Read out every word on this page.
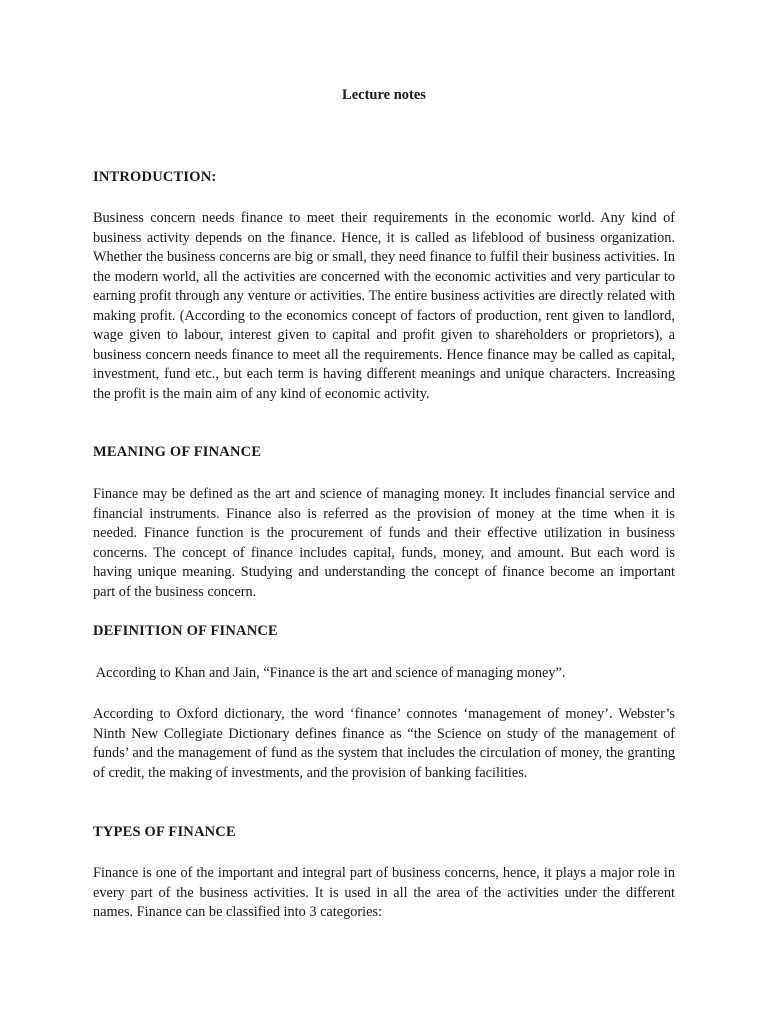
Lecture notes
INTRODUCTION:

Business concern needs finance to meet their requirements in the economic world. Any kind of business activity depends on the finance. Hence, it is called as lifeblood of business organization. Whether the business concerns are big or small, they need finance to fulfil their business activities. In the modern world, all the activities are concerned with the economic activities and very particular to earning profit through any venture or activities. The entire business activities are directly related with making profit. (According to the economics concept of factors of production, rent given to landlord, wage given to labour, interest given to capital and profit given to shareholders or proprietors), a business concern needs finance to meet all the requirements. Hence finance may be called as capital, investment, fund etc., but each term is having different meanings and unique characters. Increasing the profit is the main aim of any kind of economic activity.

MEANING OF FINANCE

Finance may be defined as the art and science of managing money. It includes financial service and financial instruments. Finance also is referred as the provision of money at the time when it is needed. Finance function is the procurement of funds and their effective utilization in business concerns. The concept of finance includes capital, funds, money, and amount. But each word is having unique meaning. Studying and understanding the concept of finance become an important part of the business concern.

DEFINITION OF FINANCE

According to Khan and Jain, “Finance is the art and science of managing money”.

According to Oxford dictionary, the word ‘finance’ connotes ‘management of money’. Webster’s Ninth New Collegiate Dictionary defines finance as “the Science on study of the management of funds’ and the management of fund as the system that includes the circulation of money, the granting of credit, the making of investments, and the provision of banking facilities.

TYPES OF FINANCE

Finance is one of the important and integral part of business concerns, hence, it plays a major role in every part of the business activities. It is used in all the area of the activities under the different names. Finance can be classified into 3 categories:
